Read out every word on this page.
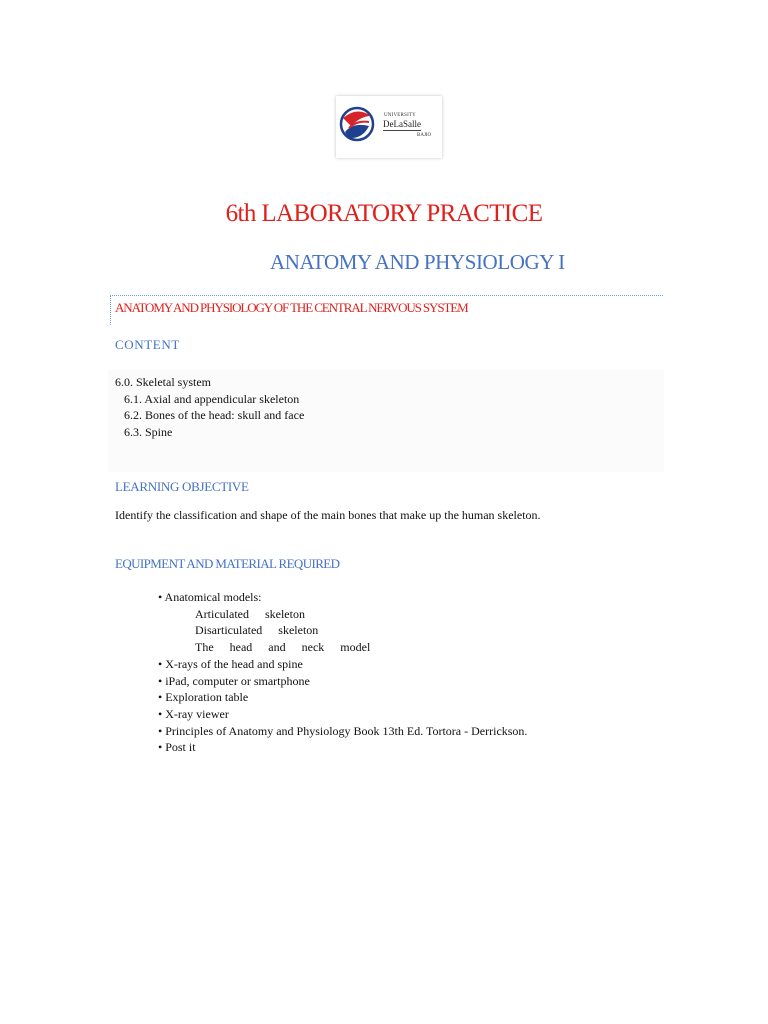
UNIVERSITY
DeLaSalle
BAJIO
6th LABORATORY PRACTICE
ANATOMY AND PHYSIOLOGY I
ANATOMY AND PHYSIOLOGY OF THE CENTRAL NERVOUS SYSTEM
CONTENT
6.0. Skeletal system
6.1. Axial and appendicular skeleton
6.2. Bones of the head: skull and face
6.3. Spine
LEARNING OBJECTIVE
Identify the classification and shape of the main bones that make up the human skeleton.
EQUIPMENT AND MATERIAL REQUIRED
• Anatomical models:
Articulated skeleton
Disarticulated skeleton
The head and neck model
• X-rays of the head and spine
• iPad, computer or smartphone
• Exploration table
• X-ray viewer
• Principles of Anatomy and Physiology Book 13th Ed. Tortora - Derrickson.
• Post it
